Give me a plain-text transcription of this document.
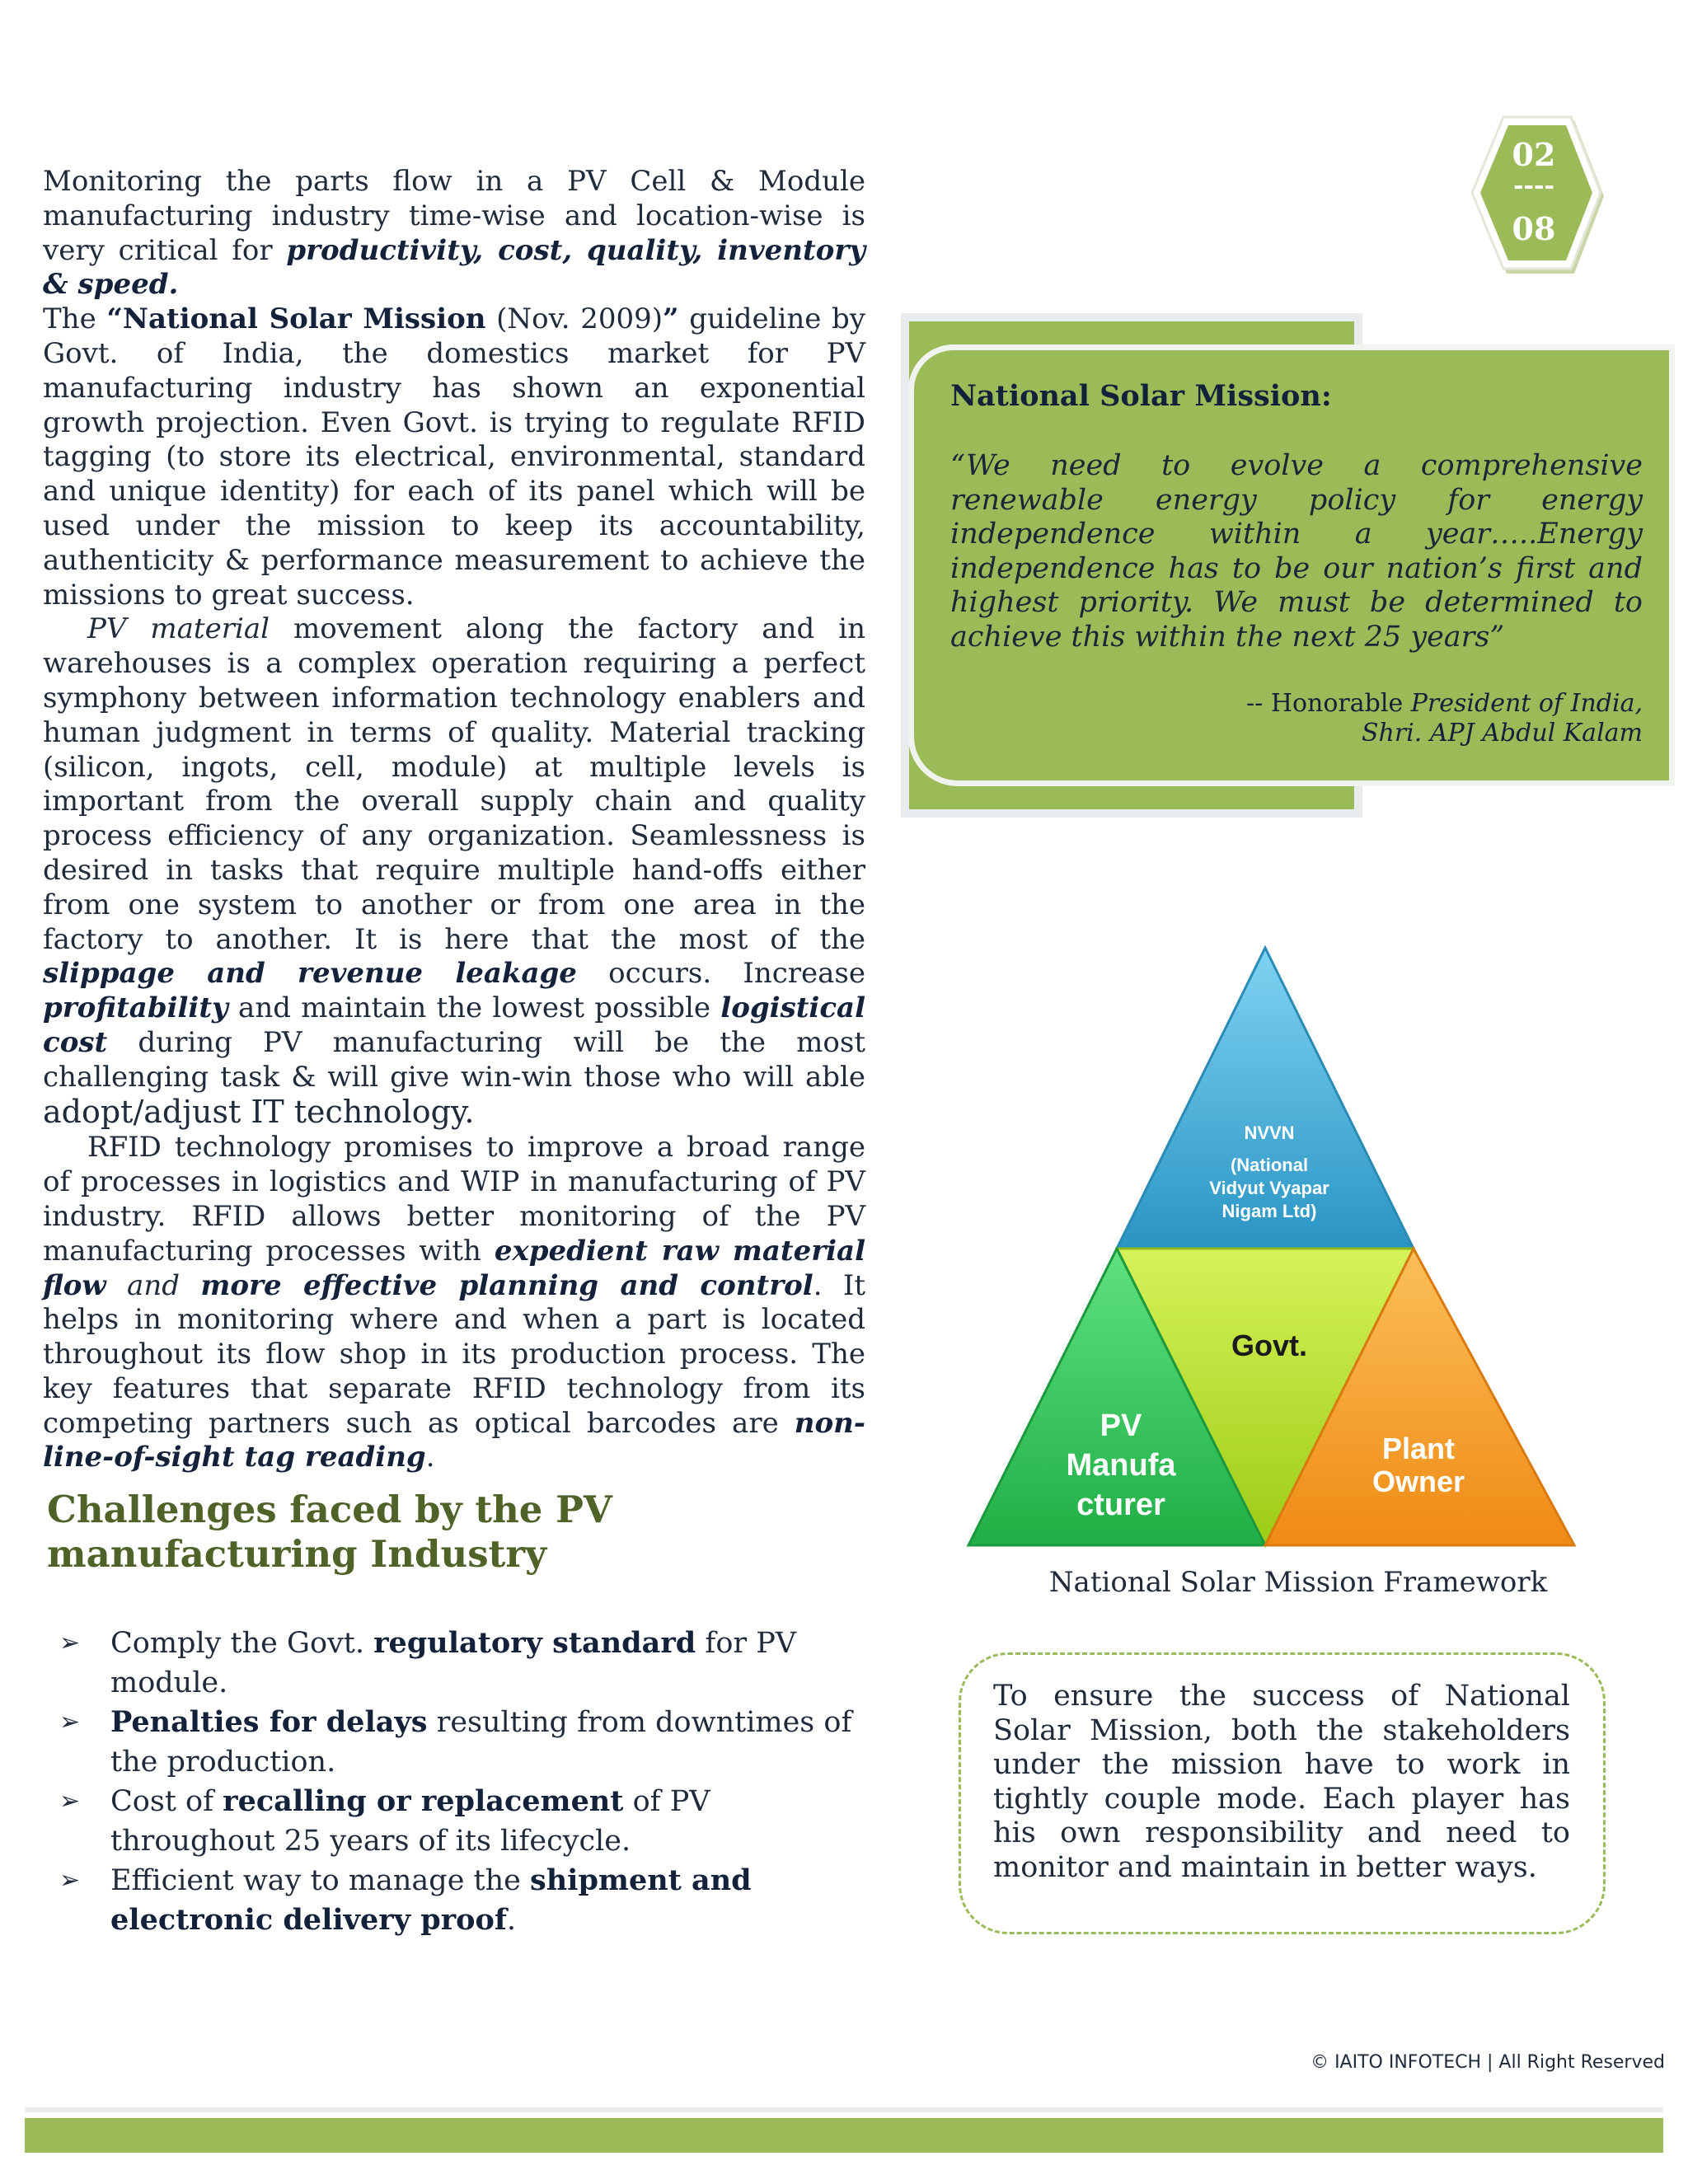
Monitoring the parts flow in a PV Cell & Module manufacturing industry time-wise and location-wise is very critical for productivity, cost, quality, inventory & speed.

The “National Solar Mission (Nov. 2009)” guideline by Govt. of India, the domestics market for PV manufacturing industry has shown an exponential growth projection. Even Govt. is trying to regulate RFID tagging (to store its electrical, environmental, standard and unique identity) for each of its panel which will be used under the mission to keep its accountability, authenticity & performance measurement to achieve the missions to great success.

PV material movement along the factory and in warehouses is a complex operation requiring a perfect symphony between information technology enablers and human judgment in terms of quality. Material tracking (silicon, ingots, cell, module) at multiple levels is important from the overall supply chain and quality process efficiency of any organization. Seamlessness is desired in tasks that require multiple hand-offs either from one system to another or from one area in the factory to another. It is here that the most of the slippage and revenue leakage occurs. Increase profitability and maintain the lowest possible logistical cost during PV manufacturing will be the most challenging task & will give win-win those who will able adopt/adjust IT technology.

RFID technology promises to improve a broad range of processes in logistics and WIP in manufacturing of PV industry. RFID allows better monitoring of the PV manufacturing processes with expedient raw material flow and more effective planning and control. It helps in monitoring where and when a part is located throughout its flow shop in its production process. The key features that separate RFID technology from its competing partners such as optical barcodes are non-line-of-sight tag reading.

02
----
08
National Solar Mission:
“We need to evolve a comprehensive renewable energy policy for energy independence within a year…..Energy independence has to be our nation’s first and highest priority. We must be determined to achieve this within the next 25 years”
-- Honorable President of India,
Shri. APJ Abdul Kalam
NVVN
(National
Vidyut Vyapar
Nigam Ltd)
Govt.
PV
Manufa
cturer
Plant
Owner
National Solar Mission Framework
Challenges faced by the PV manufacturing Industry
➢ Comply the Govt. regulatory standard for PV module.
➢ Penalties for delays resulting from downtimes of the production.
➢ Cost of recalling or replacement of PV throughout 25 years of its lifecycle.
➢ Efficient way to manage the shipment and electronic delivery proof.
To ensure the success of National Solar Mission, both the stakeholders under the mission have to work in tightly couple mode. Each player has his own responsibility and need to monitor and maintain in better ways.
© IAITO INFOTECH | All Right Reserved
